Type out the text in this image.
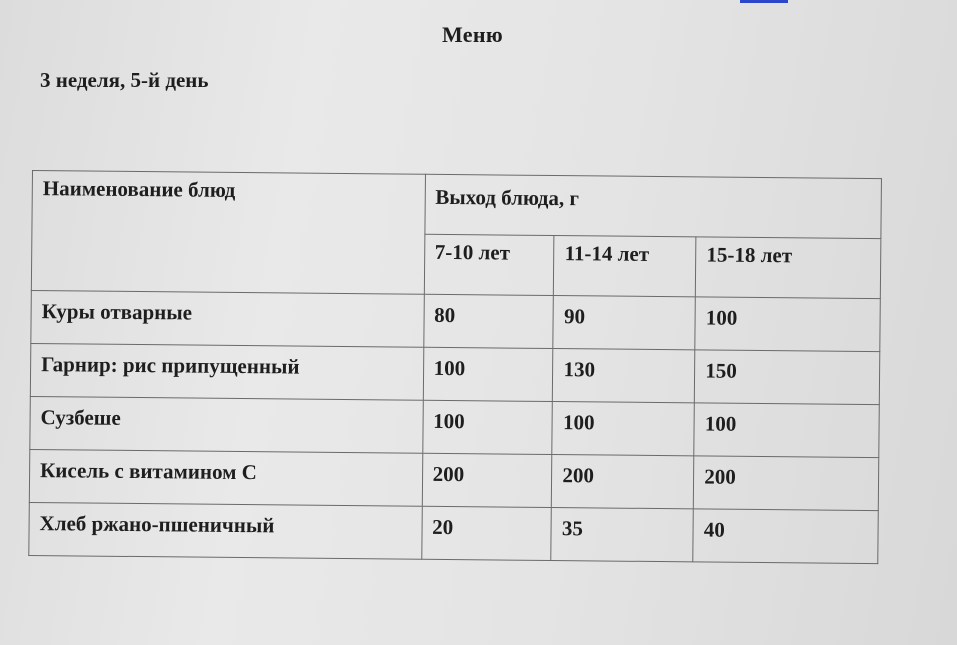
Меню
3 неделя, 5-й день
Наименование блюд	Выход блюда, г		
	7-10 лет	11-14 лет	15-18 лет
Куры отварные	80	90	100
Гарнир: рис припущенный	100	130	150
Сузбеше	100	100	100
Кисель с витамином С	200	200	200
Хлеб ржано-пшеничный	20	35	40
